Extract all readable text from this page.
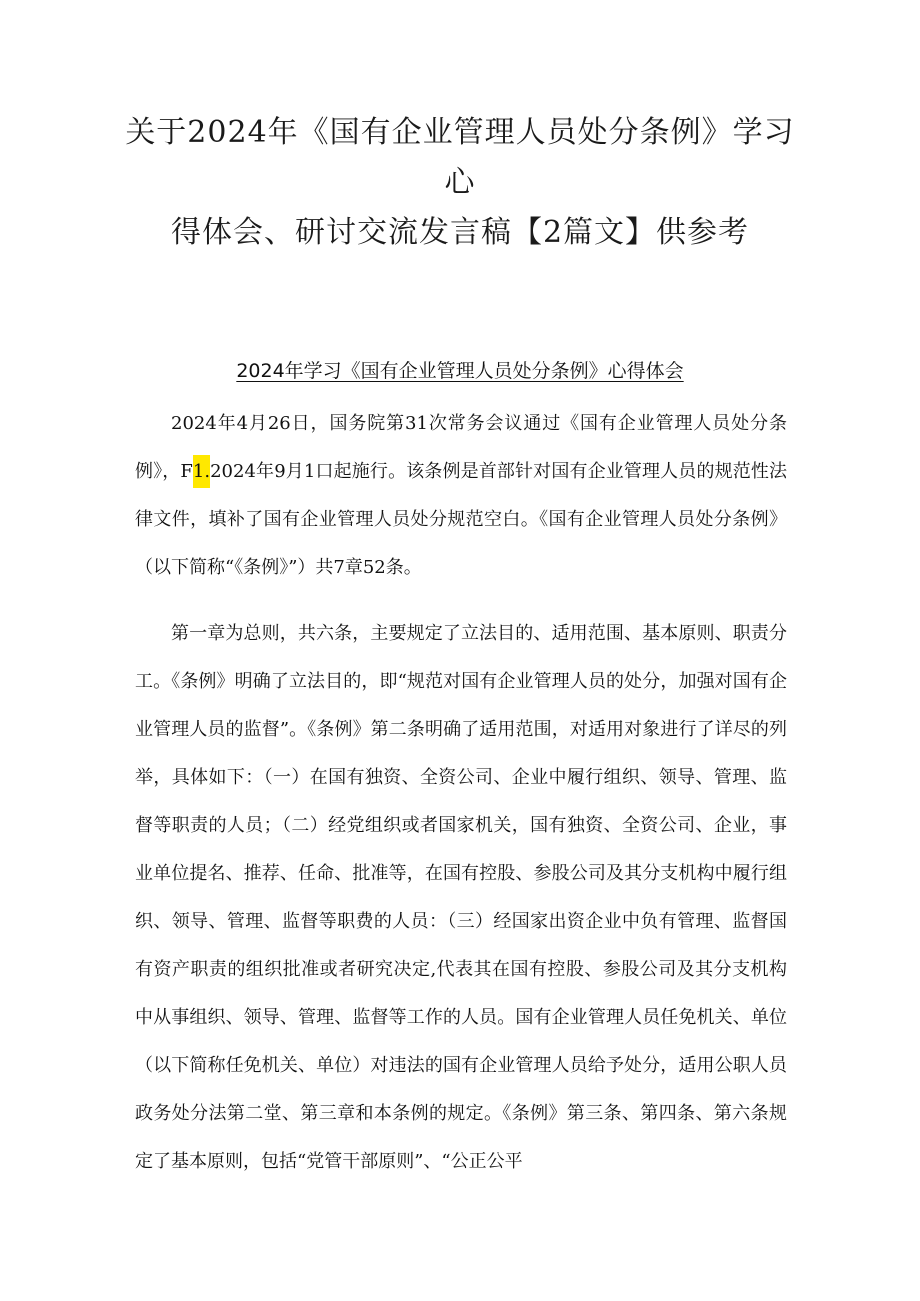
关于2024年《国有企业管理人员处分条例》学习心
得体会、研讨交流发言稿【2篇文】供参考
2024年学习《国有企业管理人员处分条例》心得体会

2024年4月26日，国务院第31次常务会议通过《国有企业管理人员处分条例》，F1.2024年9月1口起施行。该条例是首部针对国有企业管理人员的规范性法律文件，填补了国有企业管理人员处分规范空白。《国有企业管理人员处分条例》（以下简称“《条例》”）共7章52条。

第一章为总则，共六条，主要规定了立法目的、适用范围、基本原则、职责分工。《条例》明确了立法目的，即“规范对国有企业管理人员的处分，加强对国有企业管理人员的监督”。《条例》第二条明确了适用范围，对适用对象进行了详尽的列举，具体如下：（一）在国有独资、全资公司、企业中履行组织、领导、管理、监督等职责的人员；（二）经党组织或者国家机关，国有独资、全资公司、企业，事业单位提名、推荐、任命、批准等，在国有控股、参股公司及其分支机构中履行组织、领导、管理、监督等职费的人员：（三）经国家出资企业中负有管理、监督国有资产职责的组织批准或者研究决定,代表其在国有控股、参股公司及其分支机构中从事组织、领导、管理、监督等工作的人员。国有企业管理人员任免机关、单位（以下简称任免机关、单位）对违法的国有企业管理人员给予处分，适用公职人员政务处分法第二堂、第三章和本条例的规定。《条例》第三条、第四条、第六条规定了基本原则，包括“党管干部原则”、“公正公平
